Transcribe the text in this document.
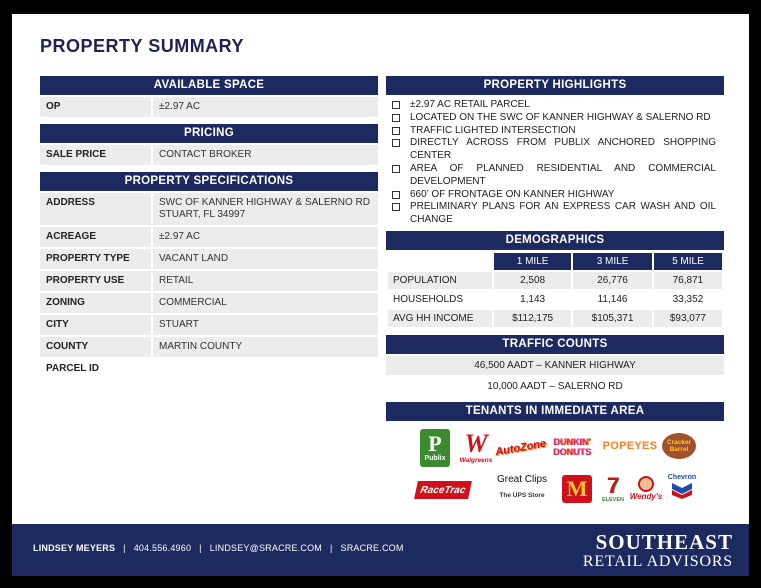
PROPERTY SUMMARY
AVAILABLE SPACE
OP	±2.97 AC
PRICING
SALE PRICE	CONTACT BROKER
PROPERTY SPECIFICATIONS
ADDRESS	SWC OF KANNER HIGHWAY & SALERNO RD
STUART, FL 34997
ACREAGE	±2.97 AC
PROPERTY TYPE	VACANT LAND
PROPERTY USE	RETAIL
ZONING	COMMERCIAL
CITY	STUART
COUNTY	MARTIN COUNTY
PARCEL ID
PROPERTY HIGHLIGHTS
±2.97 AC RETAIL PARCEL
LOCATED ON THE SWC OF KANNER HIGHWAY & SALERNO RD
TRAFFIC LIGHTED INTERSECTION
DIRECTLY ACROSS FROM PUBLIX ANCHORED SHOPPING CENTER
AREA OF PLANNED RESIDENTIAL AND COMMERCIAL DEVELOPMENT
660’ OF FRONTAGE ON KANNER HIGHWAY
PRELIMINARY PLANS FOR AN EXPRESS CAR WASH AND OIL CHANGE
DEMOGRAPHICS
	1 MILE	3 MILE	5 MILE
POPULATION	2,508	26,776	76,871
HOUSEHOLDS	1,143	11,146	33,352
AVG HH INCOME	$112,175	$105,371	$93,077
TRAFFIC COUNTS
46,500 AADT – KANNER HIGHWAY
10,000 AADT – SALERNO RD
TENANTS IN IMMEDIATE AREA
P
Publix
W
Walgreens
AutoZone DUNKIN' DONUTS	POPEYES	Cracker Barrel
RaceTrac
Great Clips
The UPS Store M 7
ELEVEN Wendy's
Chevron
LINDSEY MEYERS | 404.556.4960 | LINDSEY@SRACRE.COM | SRACRE.COM	SOUTHEAST
RETAIL ADVISORS
